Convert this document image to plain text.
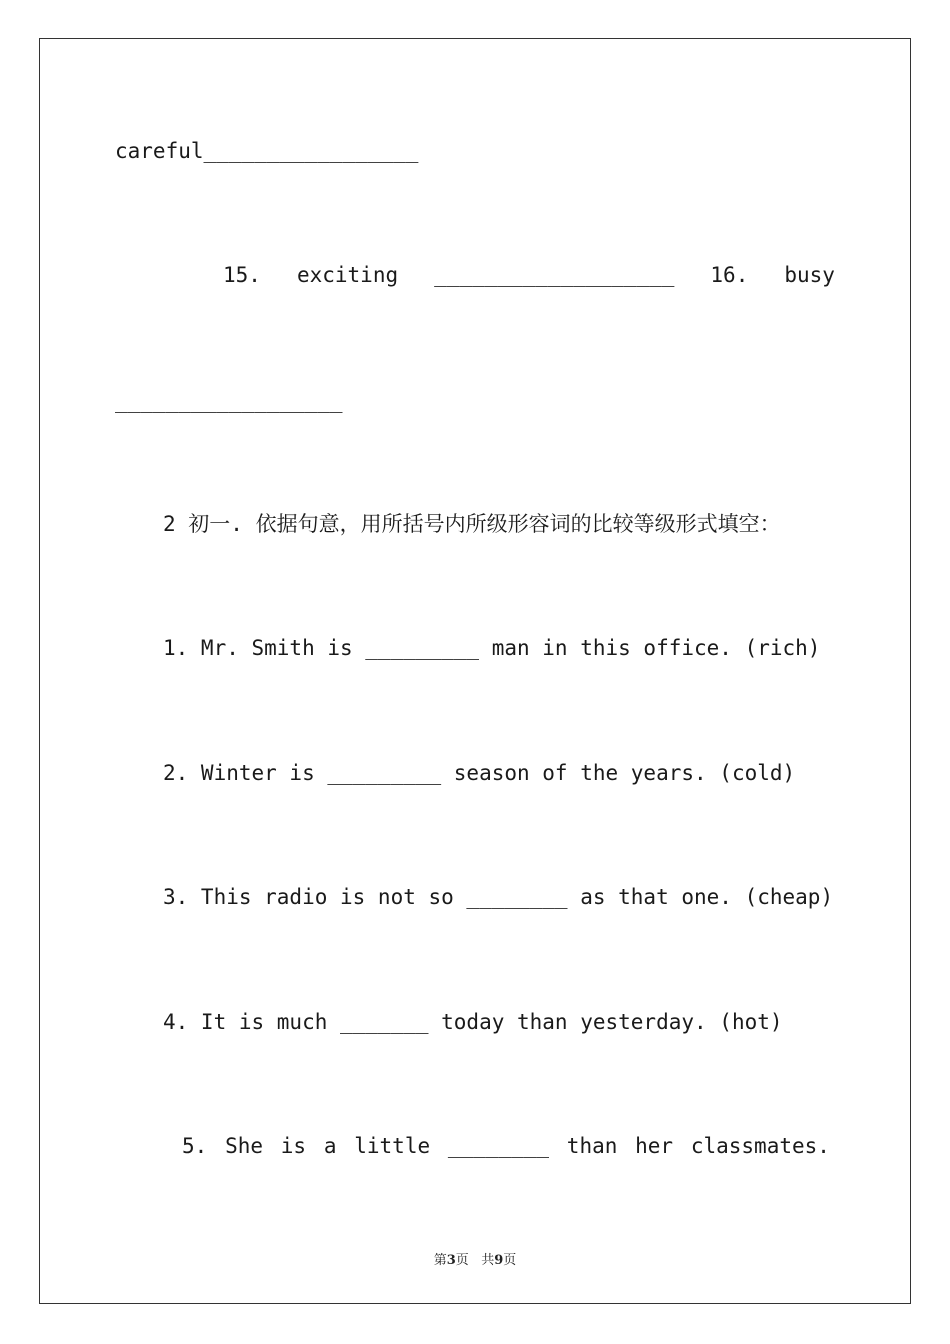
careful_________________
15. exciting ___________________ 16. busy
__________________
2 初一. 依据句意，用所括号内所级形容词的比较等级形式填空：
1. Mr. Smith is _________ man in this office. (rich)
2. Winter is _________ season of the years. (cold)
3. This radio is not so ________ as that one. (cheap)
4. It is much _______ today than yesterday. (hot)
5. She is a little ________ than her classmates.
第3页   共9页
